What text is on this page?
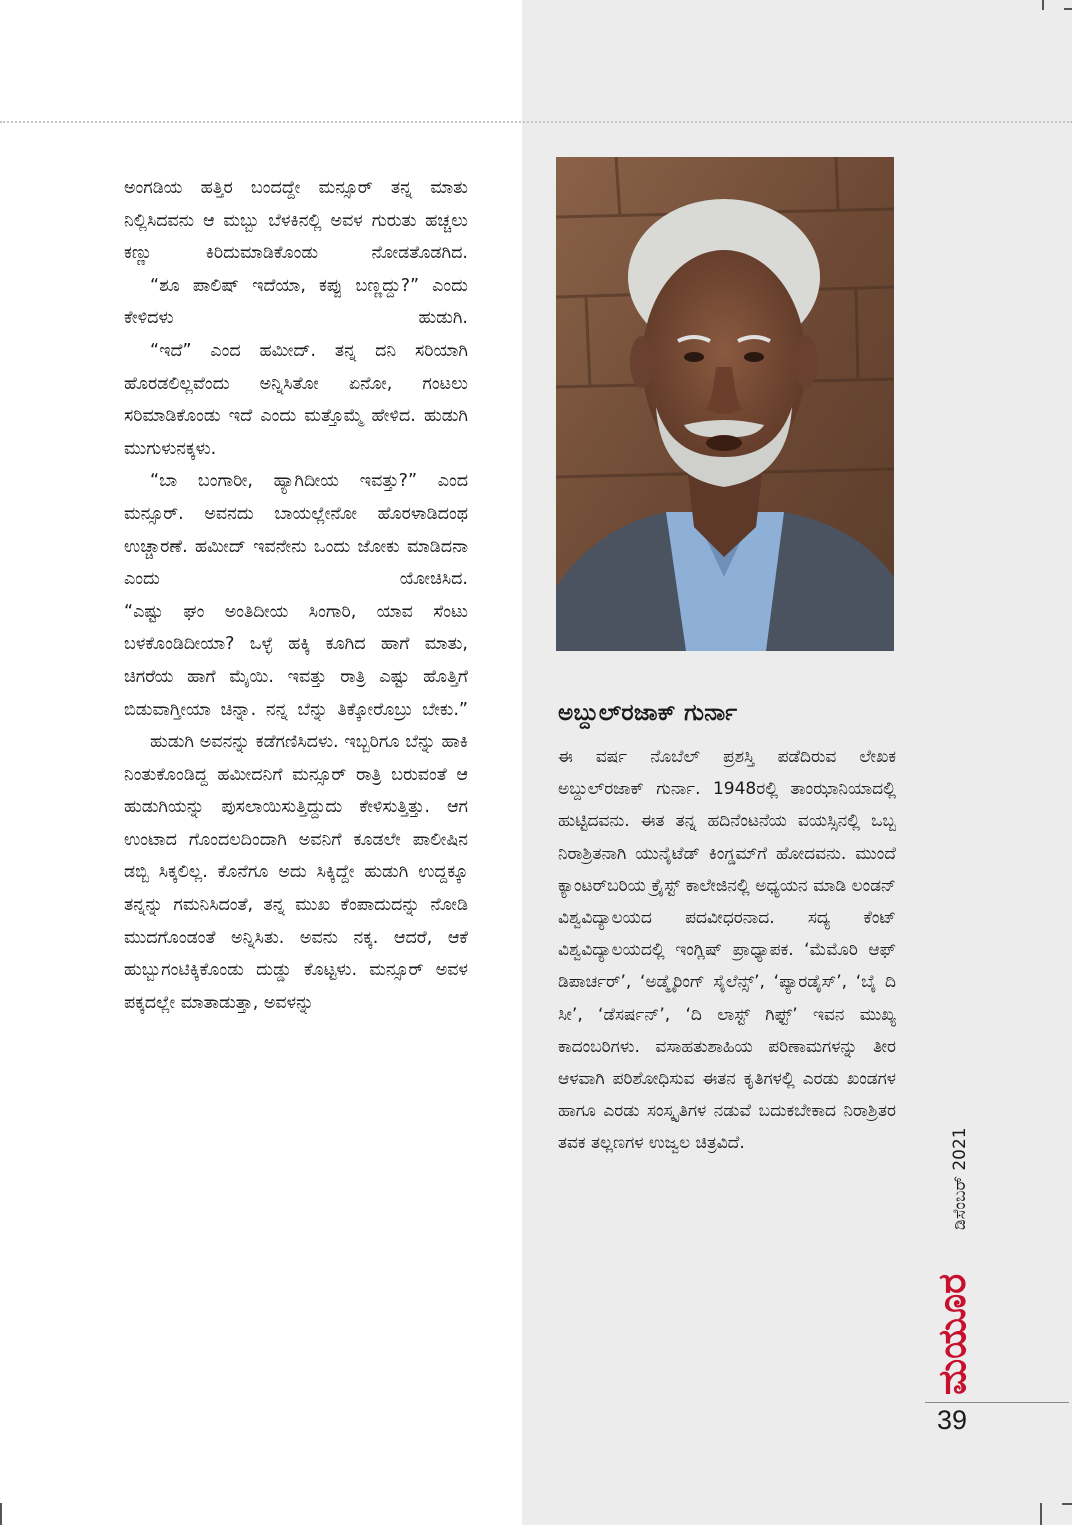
ಅಂಗಡಿಯ ಹತ್ತಿರ ಬಂದದ್ದೇ ಮನ್ಸೂರ್ ತನ್ನ ಮಾತು ನಿಲ್ಲಿಸಿದವನು ಆ ಮಬ್ಬು ಬೆಳಕಿನಲ್ಲಿ ಅವಳ ಗುರುತು ಹಚ್ಚಲು ಕಣ್ಣು ಕಿರಿದುಮಾಡಿಕೊಂಡು ನೋಡತೊಡಗಿದ.
“ಶೂ ಪಾಲಿಷ್ ಇದೆಯಾ, ಕಪ್ಪು ಬಣ್ಣದ್ದು?” ಎಂದು ಕೇಳಿದಳು ಹುಡುಗಿ.
“ಇದೆ” ಎಂದ ಹಮೀದ್. ತನ್ನ ದನಿ ಸರಿಯಾಗಿ ಹೊರಡಲಿಲ್ಲವೆಂದು ಅನ್ನಿಸಿತೋ ಏನೋ, ಗಂಟಲು ಸರಿಮಾಡಿಕೊಂಡು ಇದೆ ಎಂದು ಮತ್ತೊಮ್ಮೆ ಹೇಳಿದ. ಹುಡುಗಿ ಮುಗುಳುನಕ್ಕಳು.
“ಬಾ ಬಂಗಾರೀ, ಹ್ಯಾಗಿದೀಯ ಇವತ್ತು?” ಎಂದ ಮನ್ಸೂರ್. ಅವನದು ಬಾಯಲ್ಲೇನೋ ಹೊರಳಾಡಿದಂಥ ಉಚ್ಚಾರಣೆ. ಹಮೀದ್ ಇವನೇನು ಒಂದು ಜೋಕು ಮಾಡಿದನಾ ಎಂದು ಯೋಚಿಸಿದ.
“ಎಷ್ಟು ಘಂ ಅಂತಿದೀಯ ಸಿಂಗಾರಿ, ಯಾವ ಸೆಂಟು ಬಳಕೊಂಡಿದೀಯಾ? ಒಳ್ಳೆ ಹಕ್ಕಿ ಕೂಗಿದ ಹಾಗೆ ಮಾತು, ಚಿಗರೆಯ ಹಾಗೆ ಮೈಯಿ. ಇವತ್ತು ರಾತ್ರಿ ಎಷ್ಟು ಹೊತ್ತಿಗೆ ಬಿಡುವಾಗ್ತೀಯಾ ಚಿನ್ನಾ. ನನ್ನ ಬೆನ್ನು ತಿಕ್ಕೋರೊಬ್ರು ಬೇಕು.”
ಹುಡುಗಿ ಅವನನ್ನು ಕಡೆಗಣಿಸಿದಳು. ಇಬ್ಬರಿಗೂ ಬೆನ್ನು ಹಾಕಿ ನಿಂತುಕೊಂಡಿದ್ದ ಹಮೀದನಿಗೆ ಮನ್ಸೂರ್ ರಾತ್ರಿ ಬರುವಂತೆ ಆ ಹುಡುಗಿಯನ್ನು ಪುಸಲಾಯಿಸುತ್ತಿದ್ದುದು ಕೇಳಿಸುತ್ತಿತ್ತು. ಆಗ ಉಂಟಾದ ಗೊಂದಲದಿಂದಾಗಿ ಅವನಿಗೆ ಕೂಡಲೇ ಪಾಲೀಷಿನ ಡಬ್ಬಿ ಸಿಕ್ಕಲಿಲ್ಲ. ಕೊನೆಗೂ ಅದು ಸಿಕ್ಕಿದ್ದೇ ಹುಡುಗಿ ಉದ್ದಕ್ಕೂ ತನ್ನನ್ನು ಗಮನಿಸಿದಂತೆ, ತನ್ನ ಮುಖ ಕೆಂಪಾದುದನ್ನು ನೋಡಿ ಮುದಗೊಂಡಂತೆ ಅನ್ನಿಸಿತು. ಅವನು ನಕ್ಕ. ಆದರೆ, ಆಕೆ ಹುಬ್ಬುಗಂಟಿಕ್ಕಿಕೊಂಡು ದುಡ್ಡು ಕೊಟ್ಟಳು. ಮನ್ಸೂರ್ ಅವಳ ಪಕ್ಕದಲ್ಲೇ ಮಾತಾಡುತ್ತಾ, ಅವಳನ್ನು
ಅಬ್ದುಲ್‌ರಜಾಕ್ ಗುರ್ನಾ
ಈ ವರ್ಷ ನೊಬೆಲ್ ಪ್ರಶಸ್ತಿ ಪಡೆದಿರುವ ಲೇಖಕ ಅಬ್ದುಲ್‌ರಜಾಕ್ ಗುರ್ನಾ. 1948ರಲ್ಲಿ ತಾಂಝಾನಿಯಾದಲ್ಲಿ ಹುಟ್ಟಿದವನು. ಈತ ತನ್ನ ಹದಿನೆಂಟನೆಯ ವಯಸ್ಸಿನಲ್ಲಿ ಒಬ್ಬ ನಿರಾಶ್ರಿತನಾಗಿ ಯುನೈಟೆಡ್ ಕಿಂಗ್ಡಮ್‌ಗೆ ಹೋದವನು. ಮುಂದೆ ಕ್ಯಾಂಟರ್‌ಬರಿಯ ಕ್ರೈಸ್ಟ್ ಕಾಲೇಜಿನಲ್ಲಿ ಅಧ್ಯಯನ ಮಾಡಿ ಲಂಡನ್ ವಿಶ್ವವಿದ್ಯಾಲಯದ ಪದವೀಧರನಾದ. ಸದ್ಯ ಕೆಂಟ್ ವಿಶ್ವವಿದ್ಯಾಲಯದಲ್ಲಿ ಇಂಗ್ಲಿಷ್ ಪ್ರಾಧ್ಯಾಪಕ. ‘ಮೆಮೊರಿ ಆಫ್ ಡಿಪಾರ್ಚರ್’, ‘ಅಡ್ಮೈರಿಂಗ್ ಸೈಲೆನ್ಸ್’, ‘ಪ್ಯಾರಡೈಸ್’, ‘ಬೈ ದಿ ಸೀ’, ‘ಡೆಸರ್ಷನ್’, ‘ದಿ ಲಾಸ್ಟ್ ಗಿಫ್ಟ್’ ಇವನ ಮುಖ್ಯ ಕಾದಂಬರಿಗಳು. ವಸಾಹತುಶಾಹಿಯ ಪರಿಣಾಮಗಳನ್ನು ತೀರ ಆಳವಾಗಿ ಪರಿಶೋಧಿಸುವ ಈತನ ಕೃತಿಗಳಲ್ಲಿ ಎರಡು ಖಂಡಗಳ ಹಾಗೂ ಎರಡು ಸಂಸ್ಕೃತಿಗಳ ನಡುವೆ ಬದುಕಬೇಕಾದ ನಿರಾಶ್ರಿತರ ತವಕ ತಲ್ಲಣಗಳ ಉಜ್ವಲ ಚಿತ್ರವಿದೆ.	ಡಿಸೆಂಬರ್ 2021
ಮಯೂರ
39
